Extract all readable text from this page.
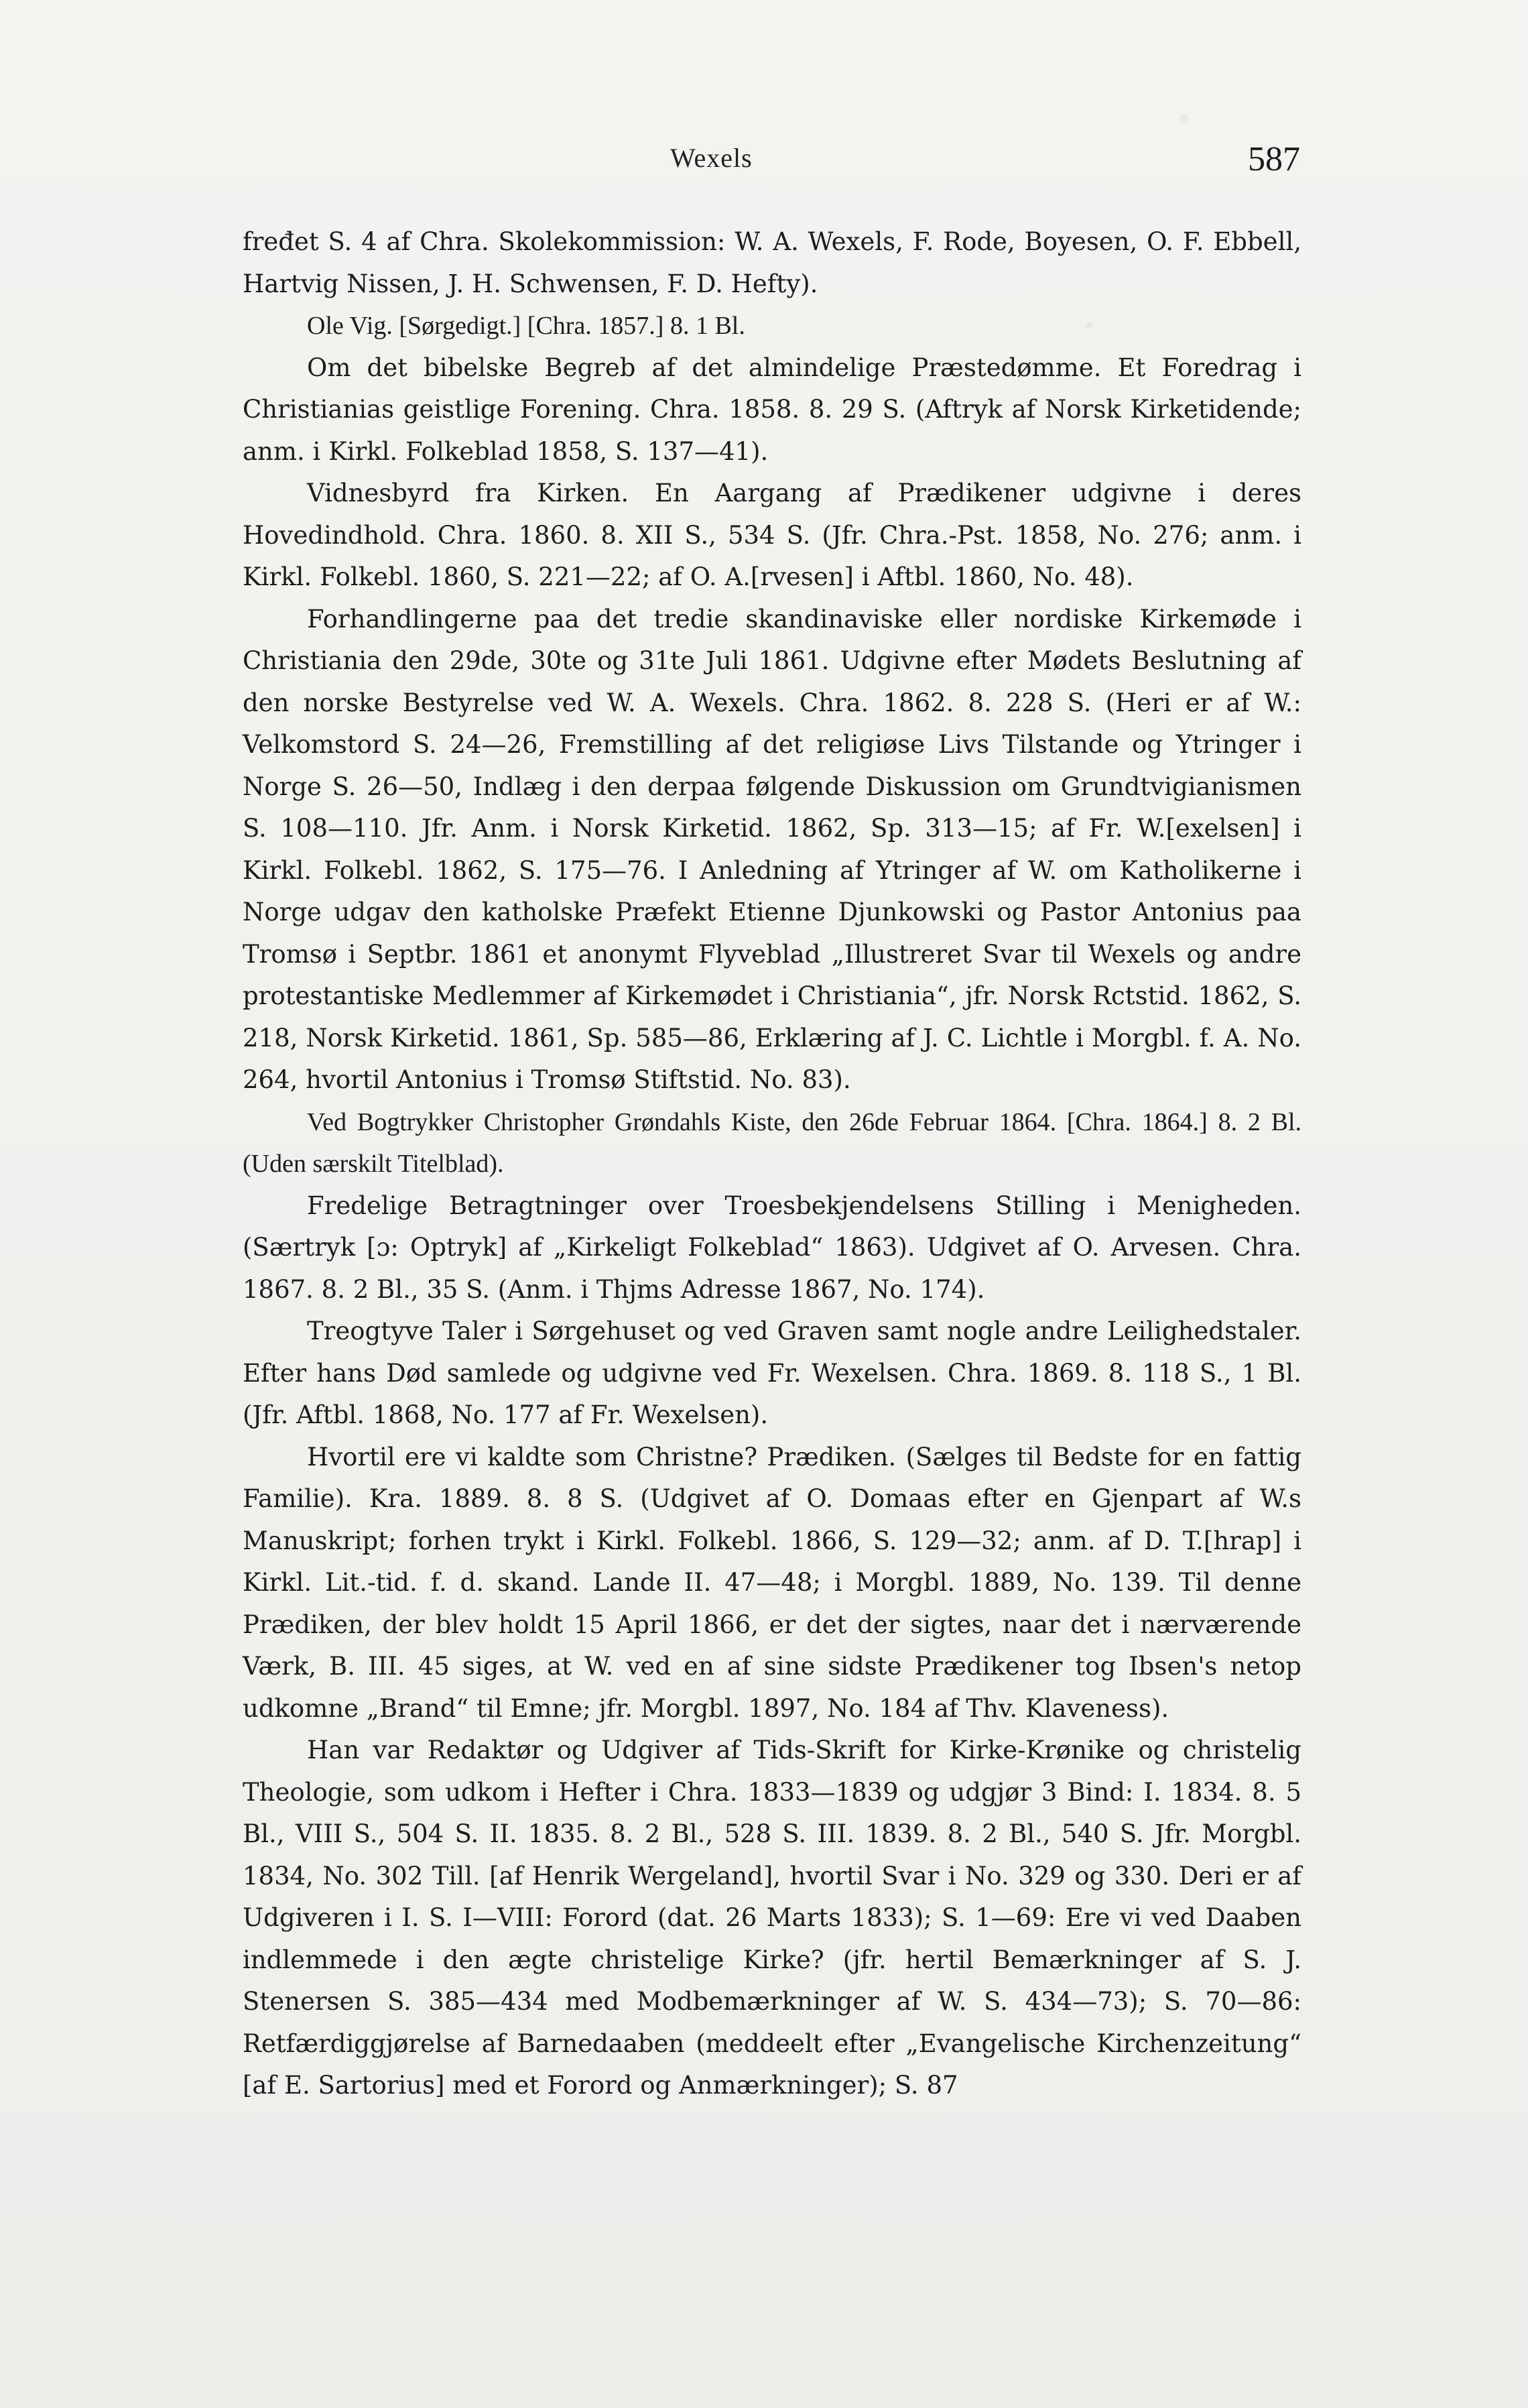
Wexels	587

fređet S. 4 af Chra. Skolekommission: W. A. Wexels, F. Rode, Boyesen, O. F. Ebbell, Hartvig Nissen, J. H. Schwensen, F. D. Hefty).

Ole Vig. [Sørgedigt.] [Chra. 1857.] 8. 1 Bl.

Om det bibelske Begreb af det almindelige Præstedømme. Et Foredrag i Christianias geistlige Forening. Chra. 1858. 8. 29 S. (Aftryk af Norsk Kirketidende; anm. i Kirkl. Folkeblad 1858, S. 137—41).

Vidnesbyrd fra Kirken. En Aargang af Prædikener udgivne i deres Hovedindhold. Chra. 1860. 8. XII S., 534 S. (Jfr. Chra.-Pst. 1858, No. 276; anm. i Kirkl. Folkebl. 1860, S. 221—22; af O. A.[rvesen] i Aftbl. 1860, No. 48).

Forhandlingerne paa det tredie skandinaviske eller nordiske Kirkemøde i Christiania den 29de, 30te og 31te Juli 1861. Udgivne efter Mødets Beslutning af den norske Bestyrelse ved W. A. Wexels. Chra. 1862. 8. 228 S. (Heri er af W.: Velkomstord S. 24—26, Fremstilling af det religiøse Livs Tilstande og Ytringer i Norge S. 26—50, Indlæg i den derpaa følgende Diskussion om Grundtvigianismen S. 108—110. Jfr. Anm. i Norsk Kirketid. 1862, Sp. 313—15; af Fr. W.[exelsen] i Kirkl. Folkebl. 1862, S. 175—76. I Anledning af Ytringer af W. om Katholikerne i Norge udgav den katholske Præfekt Etienne Djunkowski og Pastor Antonius paa Tromsø i Septbr. 1861 et anonymt Flyveblad „Illustreret Svar til Wexels og andre protestantiske Medlemmer af Kirkemødet i Christiania“, jfr. Norsk Rctstid. 1862, S. 218, Norsk Kirketid. 1861, Sp. 585—86, Erklæring af J. C. Lichtle i Morgbl. f. A. No. 264, hvortil Antonius i Tromsø Stiftstid. No. 83).

Ved Bogtrykker Christopher Grøndahls Kiste, den 26de Februar 1864. [Chra. 1864.] 8. 2 Bl. (Uden særskilt Titelblad).

Fredelige Betragtninger over Troesbekjendelsens Stilling i Menigheden. (Særtryk [ɔ: Optryk] af „Kirkeligt Folkeblad“ 1863). Udgivet af O. Arvesen. Chra. 1867. 8. 2 Bl., 35 S. (Anm. i Thjms Adresse 1867, No. 174).

Treogtyve Taler i Sørgehuset og ved Graven samt nogle andre Leilighedstaler. Efter hans Død samlede og udgivne ved Fr. Wexelsen. Chra. 1869. 8. 118 S., 1 Bl. (Jfr. Aftbl. 1868, No. 177 af Fr. Wexelsen).

Hvortil ere vi kaldte som Christne? Prædiken. (Sælges til Bedste for en fattig Familie). Kra. 1889. 8. 8 S. (Udgivet af O. Domaas efter en Gjenpart af W.s Manuskript; forhen trykt i Kirkl. Folkebl. 1866, S. 129—32; anm. af D. T.[hrap] i Kirkl. Lit.-tid. f. d. skand. Lande II. 47—48; i Morgbl. 1889, No. 139. Til denne Prædiken, der blev holdt 15 April 1866, er det der sigtes, naar det i nærværende Værk, B. III. 45 siges, at W. ved en af sine sidste Prædikener tog Ibsen's netop udkomne „Brand“ til Emne; jfr. Morgbl. 1897, No. 184 af Thv. Klaveness).

Han var Redaktør og Udgiver af Tids-Skrift for Kirke-Krønike og christelig Theologie, som udkom i Hefter i Chra. 1833—1839 og udgjør 3 Bind: I. 1834. 8. 5 Bl., VIII S., 504 S. II. 1835. 8. 2 Bl., 528 S. III. 1839. 8. 2 Bl., 540 S. Jfr. Morgbl. 1834, No. 302 Till. [af Henrik Wergeland], hvortil Svar i No. 329 og 330. Deri er af Udgiveren i I. S. I—VIII: Forord (dat. 26 Marts 1833); S. 1—69: Ere vi ved Daaben indlemmede i den ægte christelige Kirke? (jfr. hertil Bemærkninger af S. J. Stenersen S. 385—434 med Modbemærkninger af W. S. 434—73); S. 70—86: Retfærdiggjørelse af Barnedaaben (meddeelt efter „Evangelische Kirchenzeitung“ [af E. Sartorius] med et Forord og Anmærkninger); S. 87
